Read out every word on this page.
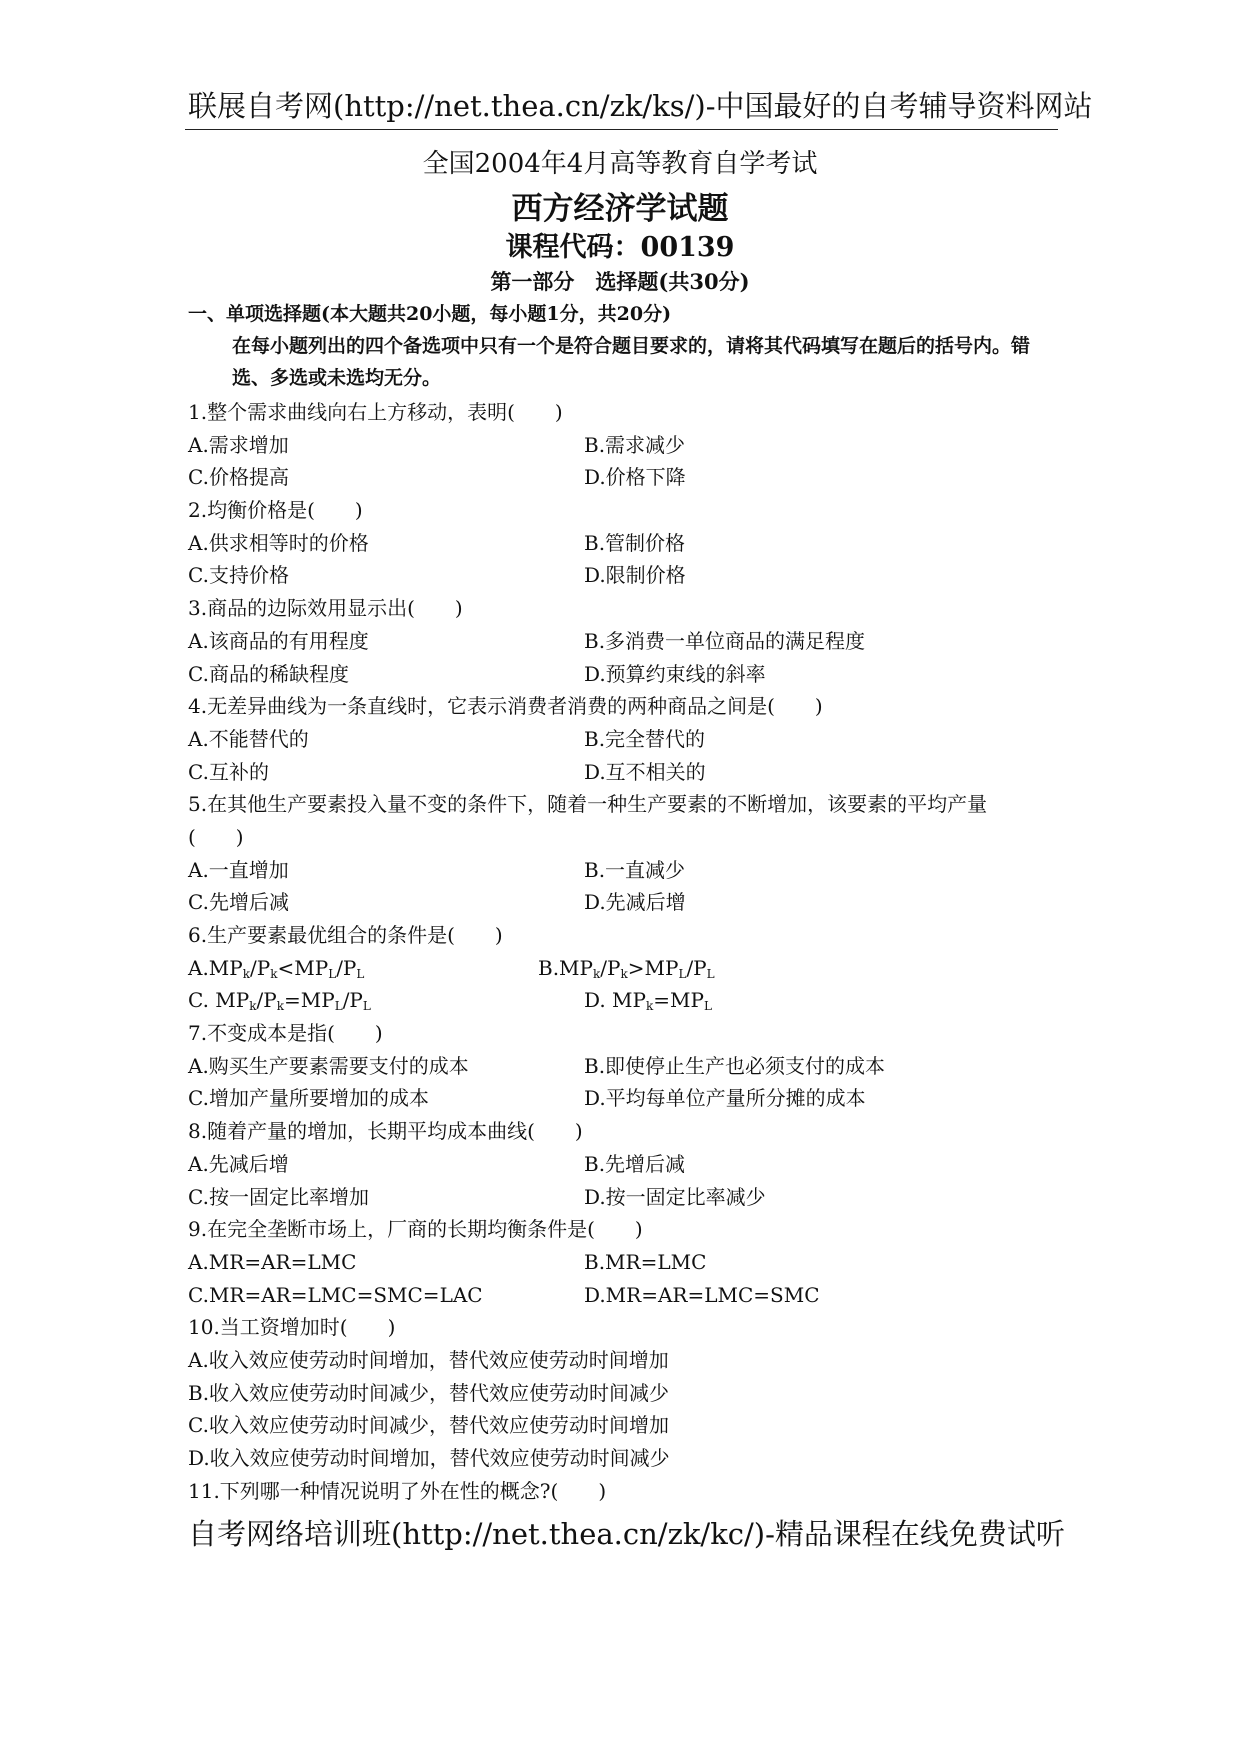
联展自考网(http://net.thea.cn/zk/ks/)-中国最好的自考辅导资料网站
全国2004年4月高等教育自学考试
西方经济学试题
课程代码：00139
第一部分　选择题(共30分)
一、单项选择题(本大题共20小题，每小题1分，共20分)
在每小题列出的四个备选项中只有一个是符合题目要求的，请将其代码填写在题后的括号内。错选、多选或未选均无分。
1.整个需求曲线向右上方移动，表明(　　)
A.需求增加	B.需求减少
C.价格提高	D.价格下降
2.均衡价格是(　　)
A.供求相等时的价格	B.管制价格
C.支持价格	D.限制价格
3.商品的边际效用显示出(　　)
A.该商品的有用程度	B.多消费一单位商品的满足程度
C.商品的稀缺程度	D.预算约束线的斜率
4.无差异曲线为一条直线时，它表示消费者消费的两种商品之间是(　　)
A.不能替代的	B.完全替代的
C.互补的	D.互不相关的
5.在其他生产要素投入量不变的条件下，随着一种生产要素的不断增加，该要素的平均产量
(　　)
A.一直增加	B.一直减少
C.先增后减	D.先减后增
6.生产要素最优组合的条件是(　　)
$A.MP_k/P_k<MP_L/P_L$	$B.MP_k/P_k>MP_L/P_L$
C. $MP_k/P_k=MP_L/P_L$	D. $MP_k=MP_L$
7.不变成本是指(　　)
A.购买生产要素需要支付的成本	B.即使停止生产也必须支付的成本
C.增加产量所要增加的成本	D.平均每单位产量所分摊的成本
8.随着产量的增加，长期平均成本曲线(　　)
A.先减后增	B.先增后减
C.按一固定比率增加	D.按一固定比率减少
9.在完全垄断市场上，厂商的长期均衡条件是(　　)
A.MR=AR=LMC	B.MR=LMC
C.MR=AR=LMC=SMC=LAC	D.MR=AR=LMC=SMC
10.当工资增加时(　　)
A.收入效应使劳动时间增加，替代效应使劳动时间增加
B.收入效应使劳动时间减少，替代效应使劳动时间减少
C.收入效应使劳动时间减少，替代效应使劳动时间增加
D.收入效应使劳动时间增加，替代效应使劳动时间减少
11.下列哪一种情况说明了外在性的概念?(　　)
自考网络培训班(http://net.thea.cn/zk/kc/)-精品课程在线免费试听
